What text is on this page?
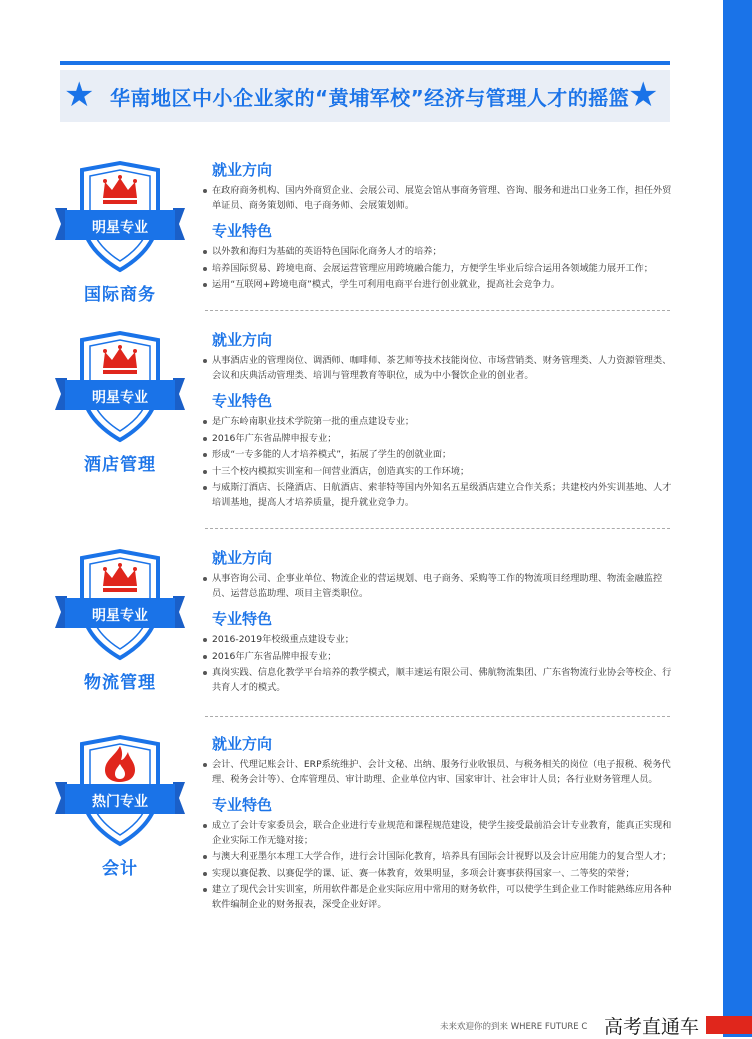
★	★
华南地区中小企业家的“黄埔军校”经济与管理人才的摇篮
明星专业
国际商务
就业方向
在政府商务机构、国内外商贸企业、会展公司、展览会馆从事商务管理、咨询、服务和进出口业务工作，担任外贸单证员、商务策划师、电子商务师、会展策划师。
专业特色
以外教和海归为基础的英语特色国际化商务人才的培养；
培养国际贸易、跨境电商、会展运营管理应用跨境融合能力，方便学生毕业后综合运用各领域能力展开工作；
运用“互联网+跨境电商”模式，学生可利用电商平台进行创业就业，提高社会竞争力。
明星专业
酒店管理
就业方向
从事酒店业的管理岗位、调酒师、咖啡师、茶艺师等技术技能岗位、市场营销类、财务管理类、人力资源管理类、会议和庆典活动管理类、培训与管理教育等职位，成为中小餐饮企业的创业者。
专业特色
是广东岭南职业技术学院第一批的重点建设专业；
2016年广东省品牌申报专业；
形成“一专多能的人才培养模式”，拓展了学生的创就业面；
十三个校内模拟实训室和一间营业酒店，创造真实的工作环境；
与威斯汀酒店、长隆酒店、日航酒店、索菲特等国内外知名五星级酒店建立合作关系；共建校内外实训基地、人才培训基地，提高人才培养质量，提升就业竞争力。
明星专业
物流管理
就业方向
从事咨询公司、企事业单位、物流企业的营运规划、电子商务、采购等工作的物流项目经理助理、物流金融监控员、运营总监助理、项目主管类职位。
专业特色
2016-2019年校级重点建设专业；
2016年广东省品牌申报专业；
真岗实践、信息化教学平台培养的教学模式，顺丰速运有限公司、佛航物流集团、广东省物流行业协会等校企、行共育人才的模式。
热门专业
会计
就业方向
会计、代理记账会计、ERP系统维护、会计文秘、出纳、服务行业收银员、与税务相关的岗位（电子报税、税务代理、税务会计等）、仓库管理员、审计助理、企业单位内审、国家审计、社会审计人员；各行业财务管理人员。
专业特色
成立了会计专家委员会，联合企业进行专业规范和课程规范建设，使学生接受最前沿会计专业教育，能真正实现和企业实际工作无缝对接；
与澳大利亚墨尔本理工大学合作，进行会计国际化教育，培养具有国际会计视野以及会计应用能力的复合型人才；
实现以赛促教、以赛促学的课、证、赛一体教育，效果明显，多项会计赛事获得国家一、二等奖的荣誉；
建立了现代会计实训室，所用软件都是企业实际应用中常用的财务软件，可以使学生到企业工作时能熟练应用各种软件编制企业的财务报表，深受企业好评。
未来欢迎你的到来 WHERE FUTURE C 高考直通车
